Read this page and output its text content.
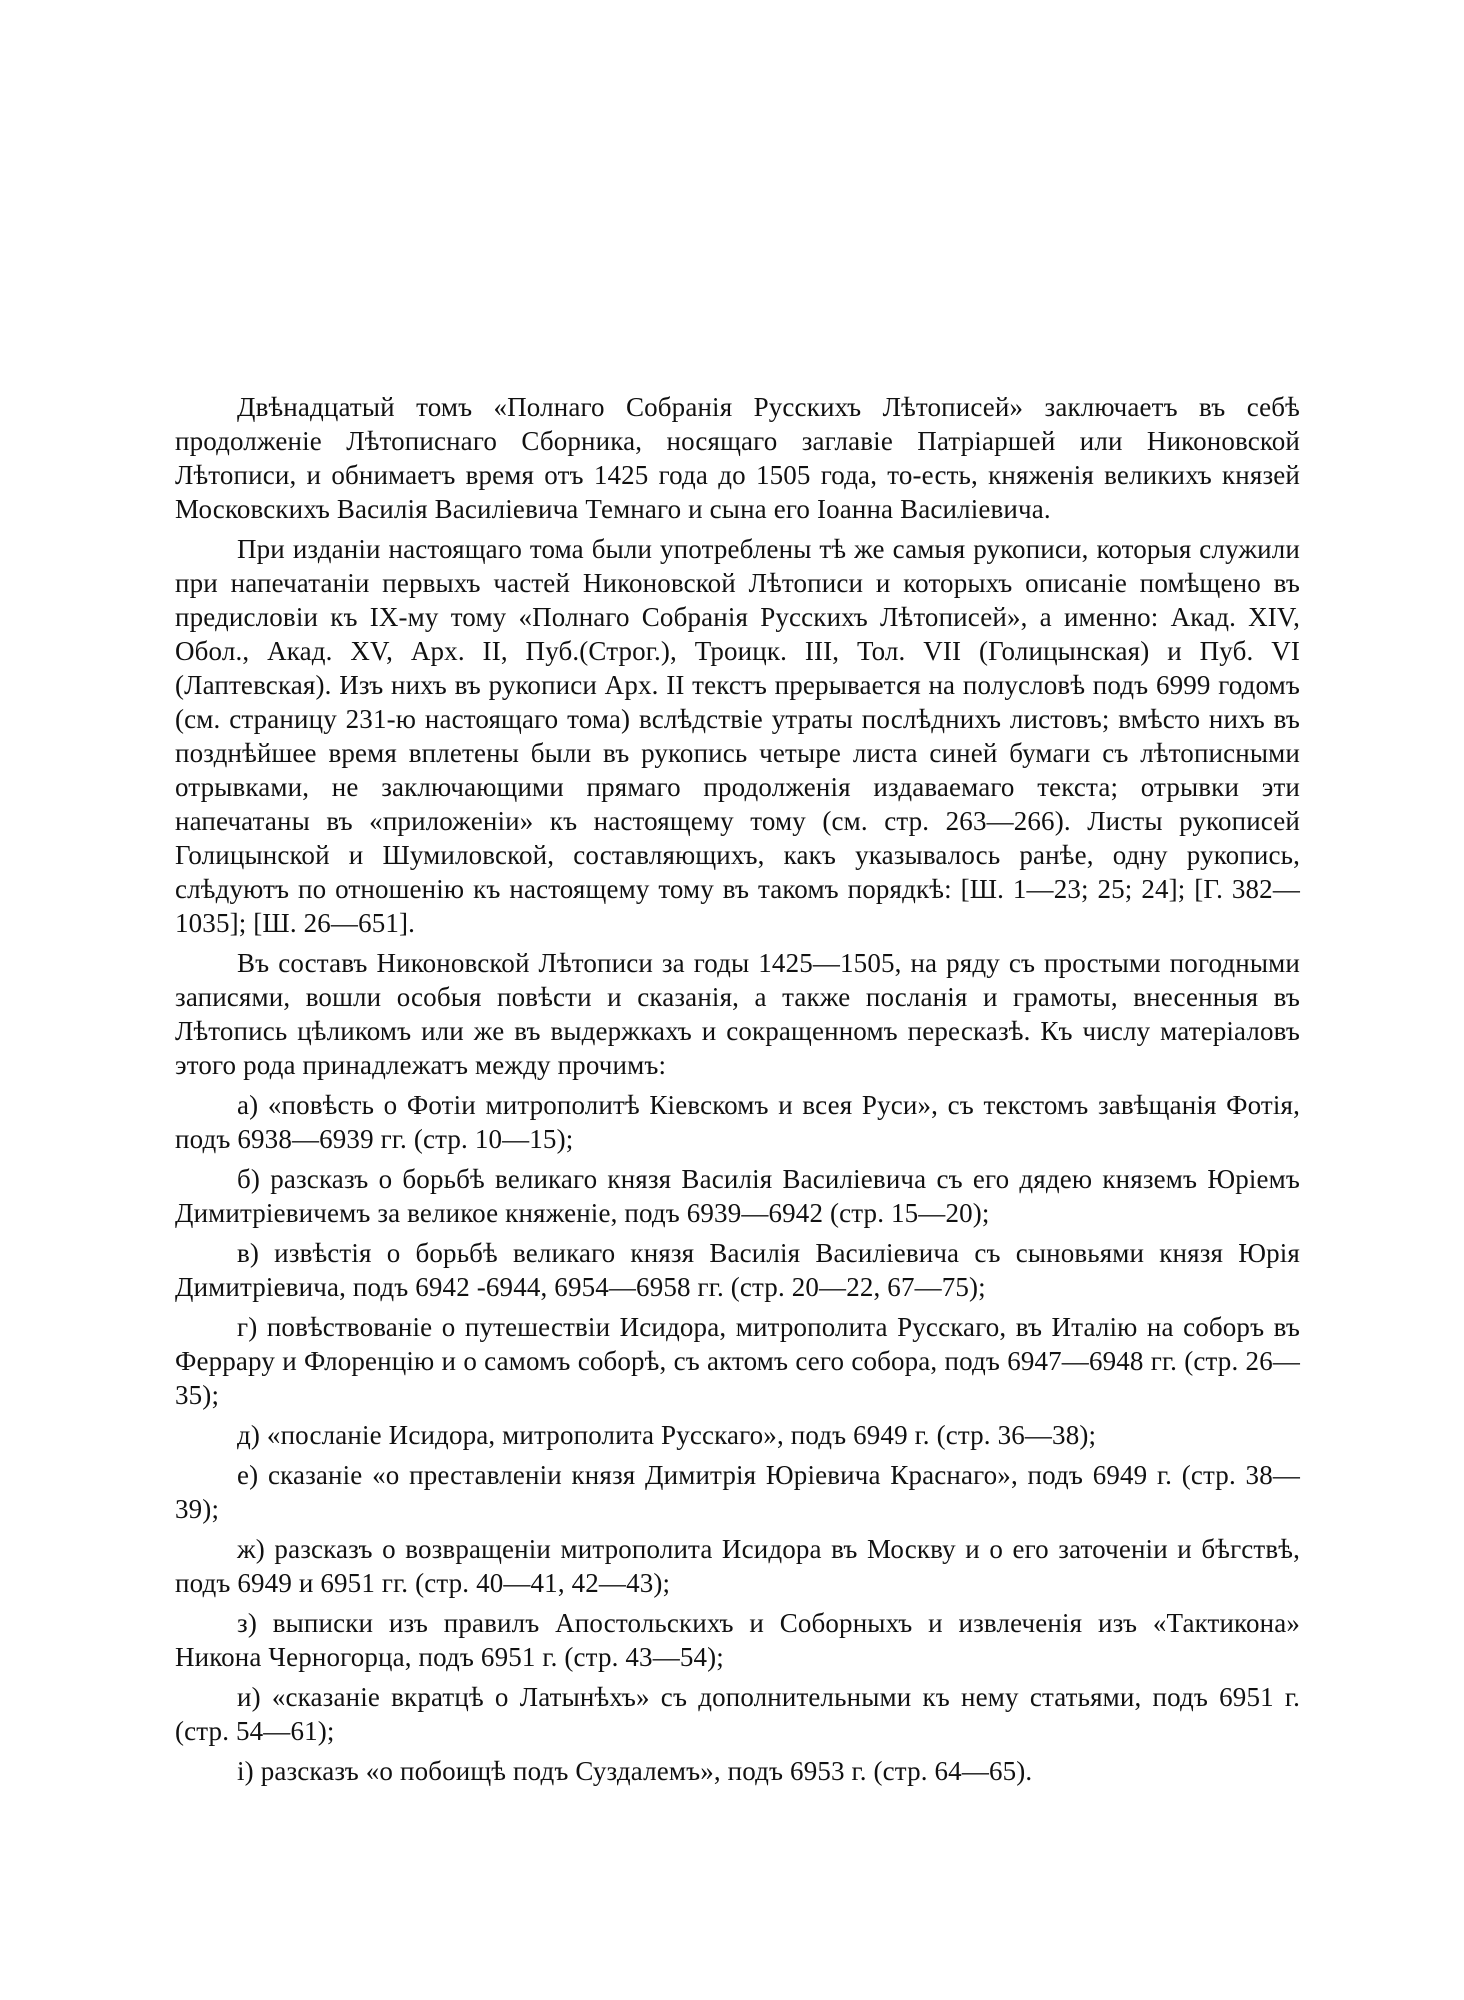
Двѣнадцатый томъ «Полнаго Собранія Русскихъ Лѣтописей» заключаетъ въ себѣ продолженіе Лѣтописнаго Сборника, носящаго заглавіе Патріаршей или Никоновской Лѣтописи, и обнимаетъ время отъ 1425 года до 1505 года, то-есть, княженія великихъ князей Московскихъ Василія Василіевича Темнаго и сына его Іоанна Василіевича.

При изданіи настоящаго тома были употреблены тѣ же самыя рукописи, которыя служили при напечатаніи первыхъ частей Никоновской Лѣтописи и которыхъ описаніе помѣщено въ предисловіи къ IX-му тому «Полнаго Собранія Русскихъ Лѣтописей», а именно: Акад. XIV, Обол., Акад. XV, Арх. II, Пуб.(Строг.), Троицк. III, Тол. VII (Голицынская) и Пуб. VI (Лаптевская). Изъ нихъ въ рукописи Арх. II текстъ прерывается на полусловѣ подъ 6999 годомъ (см. страницу 231-ю настоящаго тома) вслѣдствіе утраты послѣднихъ листовъ; вмѣсто нихъ въ позднѣйшее время вплетены были въ рукопись четыре листа синей бумаги съ лѣтописными отрывками, не заключающими прямаго продолженія издаваемаго текста; отрывки эти напечатаны въ «приложеніи» къ настоящему тому (см. стр. 263—266). Листы рукописей Голицынской и Шумиловской, составляющихъ, какъ указывалось ранѣе, одну рукопись, слѣдуютъ по отношенію къ настоящему тому въ такомъ порядкѣ: [Ш. 1—23; 25; 24]; [Г. 382—1035]; [Ш. 26—651].

Въ составъ Никоновской Лѣтописи за годы 1425—1505, на ряду съ простыми погодными записями, вошли особыя повѣсти и сказанія, а также посланія и грамоты, внесенныя въ Лѣтопись цѣликомъ или же въ выдержкахъ и сокращенномъ пересказѣ. Къ числу матеріаловъ этого рода принадлежатъ между прочимъ:

а) «повѣсть о Фотіи митрополитѣ Кіевскомъ и всея Руси», съ текстомъ завѣщанія Фотія, подъ 6938—6939 гг. (стр. 10—15);

б) разсказъ о борьбѣ великаго князя Василія Василіевича съ его дядею княземъ Юріемъ Димитріевичемъ за великое княженіе, подъ 6939—6942 (стр. 15—20);

в) извѣстія о борьбѣ великаго князя Василія Василіевича съ сыновьями князя Юрія Димитріевича, подъ 6942 -6944, 6954—6958 гг. (стр. 20—22, 67—75);

г) повѣствованіе о путешествіи Исидора, митрополита Русскаго, въ Италію на соборъ въ Феррару и Флоренцію и о самомъ соборѣ, съ актомъ сего собора, подъ 6947—6948 гг. (стр. 26—35);

д) «посланіе Исидора, митрополита Русскаго», подъ 6949 г. (стр. 36—38);

е) сказаніе «о преставленіи князя Димитрія Юріевича Краснаго», подъ 6949 г. (стр. 38—39);

ж) разсказъ о возвращеніи митрополита Исидора въ Москву и о его заточеніи и бѣгствѣ, подъ 6949 и 6951 гг. (стр. 40—41, 42—43);

з) выписки изъ правилъ Апостольскихъ и Соборныхъ и извлеченія изъ «Тактикона» Никона Черногорца, подъ 6951 г. (стр. 43—54);

и) «сказаніе вкратцѣ о Латынѣхъ» съ дополнительными къ нему статьями, подъ 6951 г. (стр. 54—61);

і) разсказъ «о побоищѣ подъ Суздалемъ», подъ 6953 г. (стр. 64—65).
